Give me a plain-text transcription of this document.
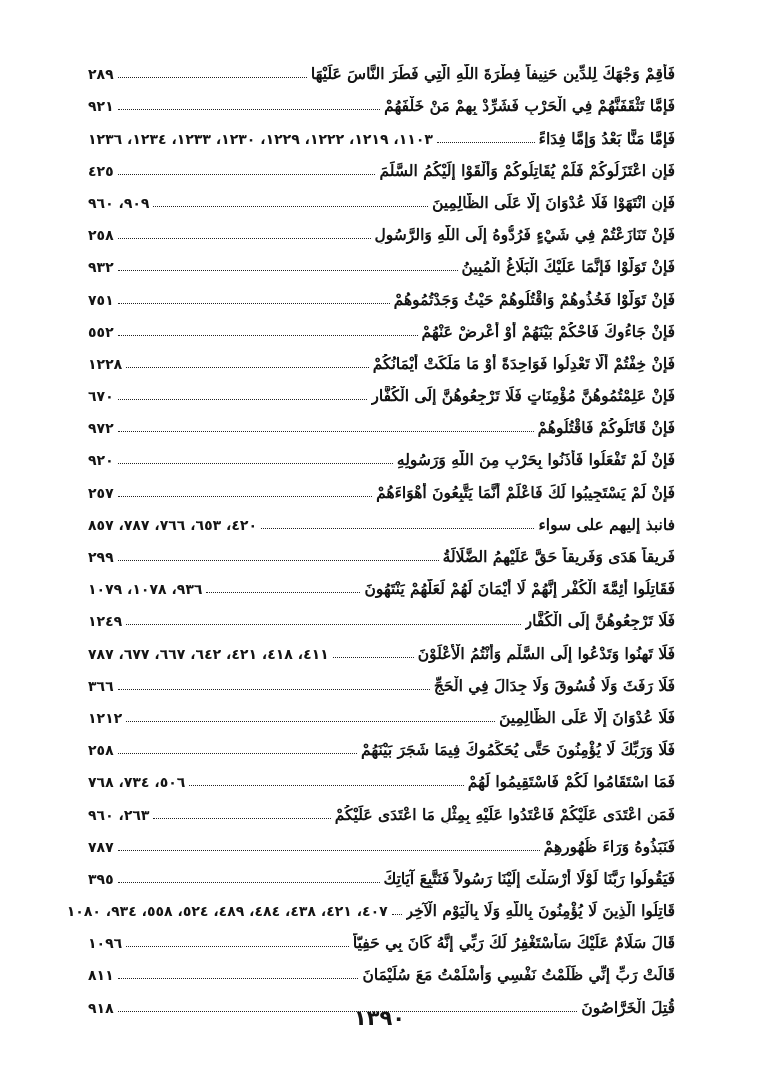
فَأَقِمْ وَجْهَكَ لِلدِّينِ حَنِيفاً فِطْرَةَ اللَّهِ الَّتِي فَطَرَ النَّاسَ عَلَيْهَا
٢٨٩
فَإِمَّا تَثْقَفَنَّهُمْ فِي الْحَرْبِ فَشَرِّدْ بِهِمْ مَنْ خَلْفَهُمْ
٩٢١
فَإِمَّا مَنًّا بَعْدُ وَإِمَّا فِدَاءً
١١٠٣، ١٢١٩، ١٢٢٢، ١٢٢٩، ١٢٣٠، ١٢٣٣، ١٢٣٤، ١٢٣٦
فَإِنِ اعْتَزَلُوكُمْ فَلَمْ يُقَاتِلُوكُمْ وَأَلْقَوْا إِلَيْكُمُ السَّلَمَ
٤٢٥
فَإِنِ انْتَهَوْا فَلَا عُدْوَانَ إِلَّا عَلَى الظَّالِمِينَ
٩٠٩، ٩٦٠
فَإِنْ تَنَازَعْتُمْ فِي شَيْءٍ فَرُدُّوهُ إِلَى اللَّهِ وَالرَّسُولِ
٢٥٨
فَإِنْ تَوَلَّوْا فَإِنَّمَا عَلَيْكَ الْبَلَاغُ الْمُبِينُ
٩٣٢
فَإِنْ تَوَلَّوْا فَخُذُوهُمْ وَاقْتُلُوهُمْ حَيْثُ وَجَدْتُمُوهُمْ
٧٥١
فَإِنْ جَاءُوكَ فَاحْكُمْ بَيْنَهُمْ أَوْ أَعْرِضْ عَنْهُمْ
٥٥٢
فَإِنْ خِفْتُمْ أَلَّا تَعْدِلُوا فَوَاحِدَةً أَوْ مَا مَلَكَتْ أَيْمَانُكُمْ
١٢٢٨
فَإِنْ عَلِمْتُمُوهُنَّ مُؤْمِنَاتٍ فَلَا تَرْجِعُوهُنَّ إِلَى الْكُفَّارِ
٦٧٠
فَإِنْ قَاتَلُوكُمْ فَاقْتُلُوهُمْ
٩٧٢
فَإِنْ لَمْ تَفْعَلُوا فَأْذَنُوا بِحَرْبٍ مِنَ اللَّهِ وَرَسُولِهِ
٩٢٠
فَإِنْ لَمْ يَسْتَجِيبُوا لَكَ فَاعْلَمْ أَنَّمَا يَتَّبِعُونَ أَهْوَاءَهُمْ
٢٥٧
فانبذ إليهم على سواء
٤٢٠، ٦٥٣، ٧٦٦، ٧٨٧، ٨٥٧
فَرِيقاً هَدَى وَفَرِيقاً حَقَّ عَلَيْهِمُ الضَّلَالَةُ
٢٩٩
فَقَاتِلُوا أَئِمَّةَ الْكُفْرِ إِنَّهُمْ لَا أَيْمَانَ لَهُمْ لَعَلَّهُمْ يَنْتَهُونَ
٩٣٦، ١٠٧٨، ١٠٧٩
فَلَا تَرْجِعُوهُنَّ إِلَى الْكُفَّارِ
١٢٤٩
فَلَا تَهِنُوا وَتَدْعُوا إِلَى السَّلْمِ وَأَنْتُمُ الْأَعْلَوْنَ
٤١١، ٤١٨، ٤٢١، ٦٤٢، ٦٦٧، ٦٧٧، ٧٨٧
فَلَا رَفَثَ وَلَا فُسُوقَ وَلَا جِدَالَ فِي الْحَجِّ
٣٦٦
فَلَا عُدْوَانَ إِلَّا عَلَى الظَّالِمِينَ
١٢١٢
فَلَا وَرَبِّكَ لَا يُؤْمِنُونَ حَتَّى يُحَكِّمُوكَ فِيمَا شَجَرَ بَيْنَهُمْ
٢٥٨
فَمَا اسْتَقَامُوا لَكُمْ فَاسْتَقِيمُوا لَهُمْ
٥٠٦، ٧٣٤، ٧٦٨
فَمَنِ اعْتَدَى عَلَيْكُمْ فَاعْتَدُوا عَلَيْهِ بِمِثْلِ مَا اعْتَدَى عَلَيْكُمْ
٢٦٣، ٩٦٠
فَنَبَذُوهُ وَرَاءَ ظُهُورِهِمْ
٧٨٧
فَيَقُولُوا رَبَّنَا لَوْلَا أَرْسَلْتَ إِلَيْنَا رَسُولاً فَنَتَّبِعَ آيَاتِكَ
٣٩٥
قَاتِلُوا الَّذِينَ لَا يُؤْمِنُونَ بِاللَّهِ وَلَا بِالْيَوْمِ الْآخِرِ
٤٠٧، ٤٢١، ٤٣٨، ٤٨٤، ٤٨٩، ٥٢٤، ٥٥٨، ٩٣٤، ١٠٨٠
قَالَ سَلَامٌ عَلَيْكَ سَأَسْتَغْفِرُ لَكَ رَبِّي إِنَّهُ كَانَ بِي حَفِيّاً
١٠٩٦
قَالَتْ رَبِّ إِنِّي ظَلَمْتُ نَفْسِي وَأَسْلَمْتُ مَعَ سُلَيْمَانَ
٨١١
قُتِلَ الْخَرَّاصُونَ
٩١٨	١٣٩٠
